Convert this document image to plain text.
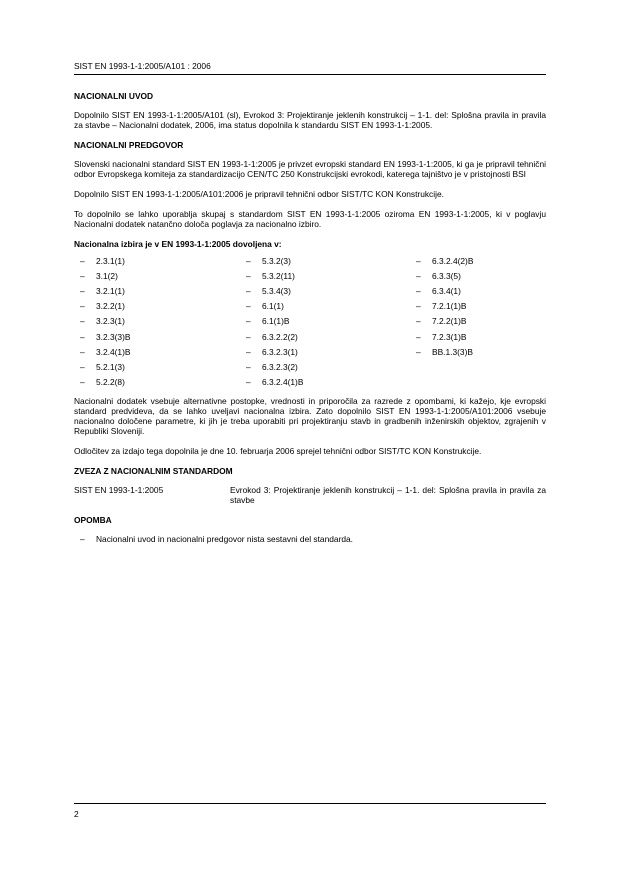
SIST EN 1993-1-1:2005/A101 : 2006
NACIONALNI UVOD

Dopolnilo SIST EN 1993-1-1:2005/A101 (sl), Evrokod 3: Projektiranje jeklenih konstrukcij – 1-1. del: Splošna pravila in pravila za stavbe – Nacionalni dodatek, 2006, ima status dopolnila k standardu SIST EN 1993-1-1:2005.

NACIONALNI PREDGOVOR

Slovenski nacionalni standard SIST EN 1993-1-1:2005 je privzet evropski standard EN 1993-1-1:2005, ki ga je pripravil tehnični odbor Evropskega komiteja za standardizacijo CEN/TC 250 Konstrukcijski evrokodi, katerega tajništvo je v pristojnosti BSI

Dopolnilo SIST EN 1993-1-1:2005/A101:2006 je pripravil tehnični odbor SIST/TC KON Konstrukcije.

To dopolnilo se lahko uporablja skupaj s standardom SIST EN 1993-1-1:2005 oziroma EN 1993-1-1:2005, ki v poglavju Nacionalni dodatek natančno določa poglavja za nacionalno izbiro.

Nacionalna izbira je v EN 1993-1-1:2005 dovoljena v:
–	2.3.1(1)
–	3.1(2)
–	3.2.1(1)
–	3.2.2(1)
–	3.2.3(1)
–	3.2.3(3)B
–	3.2.4(1)B
–	5.2.1(3)
–	5.2.2(8)
–	5.3.2(3)
–	5.3.2(11)
–	5.3.4(3)
–	6.1(1)
–	6.1(1)B
–	6.3.2.2(2)
–	6.3.2.3(1)
–	6.3.2.3(2)
–	6.3.2.4(1)B
–	6.3.2.4(2)B
–	6.3.3(5)
–	6.3.4(1)
–	7.2.1(1)B
–	7.2.2(1)B
–	7.2.3(1)B
–	BB.1.3(3)B

Nacionalni dodatek vsebuje alternativne postopke, vrednosti in priporočila za razrede z opombami, ki kažejo, kje evropski standard predvideva, da se lahko uveljavi nacionalna izbira. Zato dopolnilo SIST EN 1993-1-1:2005/A101:2006 vsebuje nacionalno določene parametre, ki jih je treba uporabiti pri projektiranju stavb in gradbenih inženirskih objektov, zgrajenih v Republiki Sloveniji.

Odločitev za izdajo tega dopolnila je dne 10. februarja 2006 sprejel tehnični odbor SIST/TC KON Konstrukcije.

ZVEZA Z NACIONALNIM STANDARDOM
SIST EN 1993-1-1:2005	Evrokod 3: Projektiranje jeklenih konstrukcij – 1-1. del: Splošna pravila in pravila za stavbe
OPOMBA
–	Nacionalni uvod in nacionalni predgovor nista sestavni del standarda.
2
